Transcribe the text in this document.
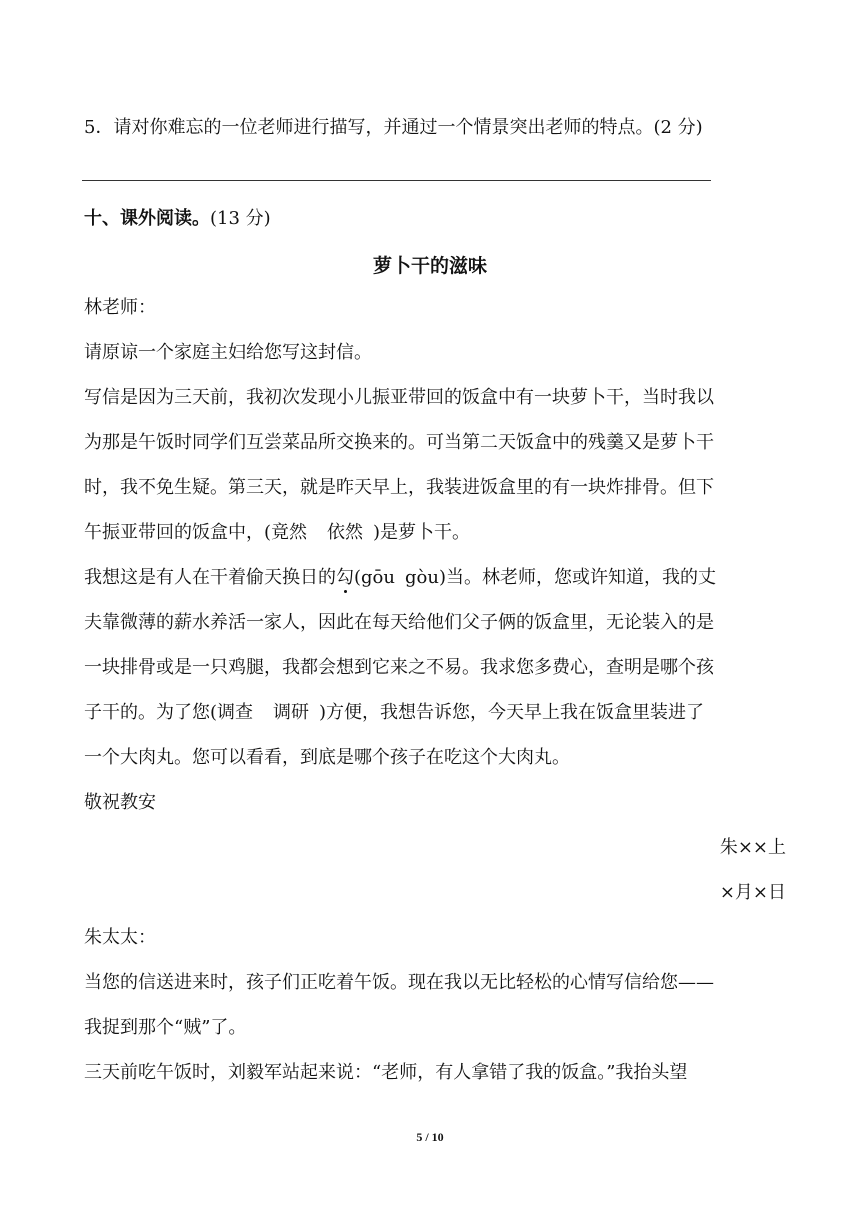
5．请对你难忘的一位老师进行描写，并通过一个情景突出老师的特点。(2 分)
十、课外阅读。(13 分)
萝卜干的滋味
林老师：
请原谅一个家庭主妇给您写这封信。
写信是因为三天前，我初次发现小儿振亚带回的饭盒中有一块萝卜干，当时我以
为那是午饭时同学们互尝菜品所交换来的。可当第二天饭盒中的残羹又是萝卜干
时，我不免生疑。第三天，就是昨天早上，我装进饭盒里的有一块炸排骨。但下
午振亚带回的饭盒中，(竟然 依然 )是萝卜干。
我想这是有人在干着偷天换日的勾(gōu gòu)当。林老师，您或许知道，我的丈
夫靠微薄的薪水养活一家人，因此在每天给他们父子俩的饭盒里，无论装入的是
一块排骨或是一只鸡腿，我都会想到它来之不易。我求您多费心，查明是哪个孩
子干的。为了您(调查 调研 )方便，我想告诉您，今天早上我在饭盒里装进了
一个大肉丸。您可以看看，到底是哪个孩子在吃这个大肉丸。
敬祝教安
朱××上
×月×日
朱太太：
当您的信送进来时，孩子们正吃着午饭。现在我以无比轻松的心情写信给您——
我捉到那个“贼”了。
三天前吃午饭时，刘毅军站起来说：“老师，有人拿错了我的饭盒。”我抬头望
5 / 10
